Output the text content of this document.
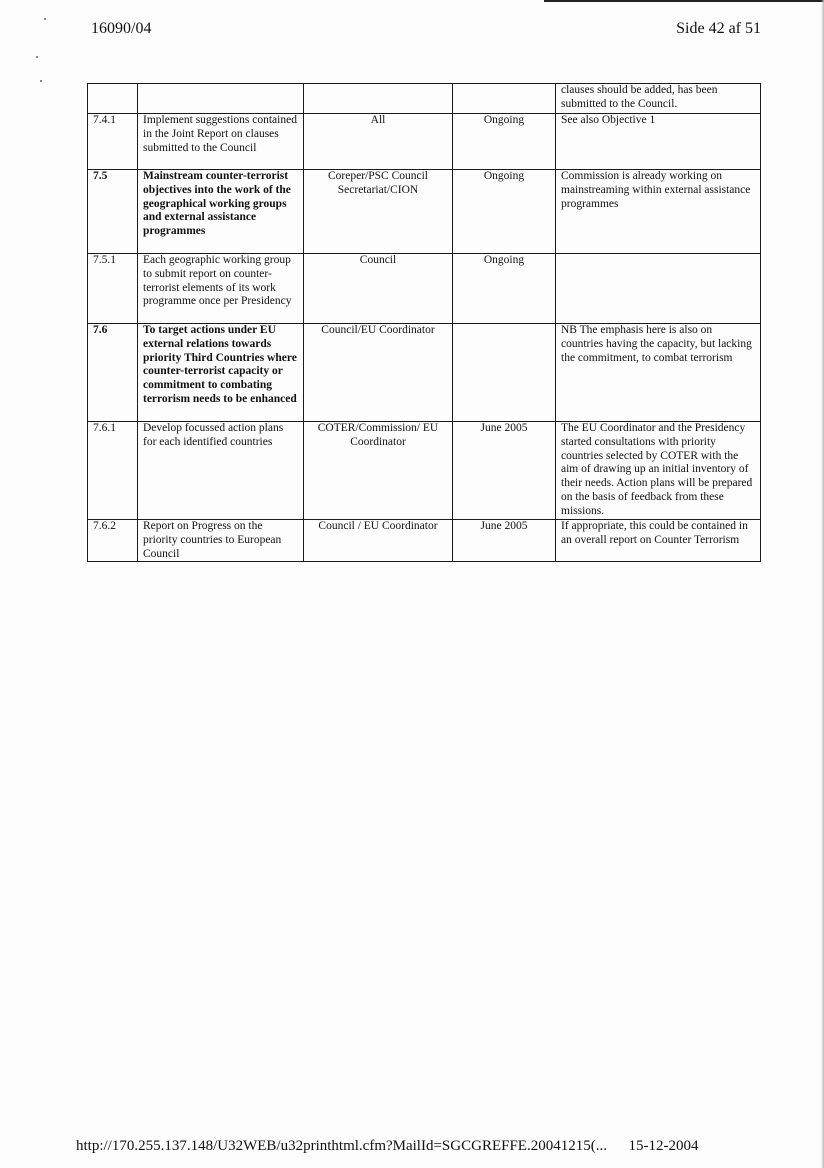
16090/04	Side 42 af 51
				clauses should be added, has been submitted to the Council.
7.4.1	Implement suggestions contained in the Joint Report on clauses submitted to the Council	All	Ongoing	See also Objective 1
7.5	Mainstream counter-terrorist objectives into the work of the geographical working groups and external assistance programmes	Coreper/PSC Council Secretariat/CION	Ongoing	Commission is already working on mainstreaming within external assistance programmes
7.5.1	Each geographic working group to submit report on counter-terrorist elements of its work programme once per Presidency	Council	Ongoing	
7.6	To target actions under EU external relations towards priority Third Countries where counter-terrorist capacity or commitment to combating terrorism needs to be enhanced	Council/EU Coordinator		NB The emphasis here is also on countries having the capacity, but lacking the commitment, to combat terrorism
7.6.1	Develop focussed action plans for each identified countries	COTER/Commission/ EU Coordinator	June 2005	The EU Coordinator and the Presidency started consultations with priority countries selected by COTER with the aim of drawing up an initial inventory of their needs. Action plans will be prepared on the basis of feedback from these missions.
7.6.2	Report on Progress on the priority countries to European Council	Council / EU Coordinator	June 2005	If appropriate, this could be contained in an overall report on Counter Terrorism
http://170.255.137.148/U32WEB/u32printhtml.cfm?MailId=SGCGREFFE.20041215(... 15-12-2004
